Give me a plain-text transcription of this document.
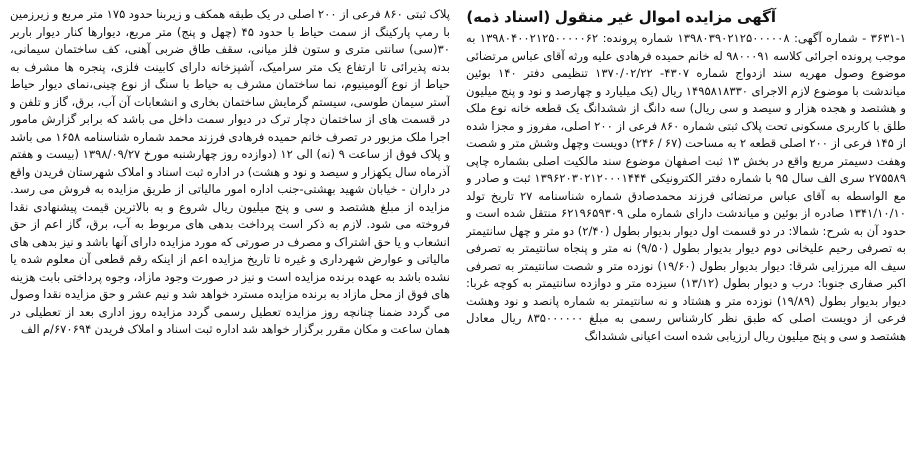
آگهی مزایده اموال غیر منقول (اسناد ذمه)

۳۶۳۱-۱ - شماره آگهی: ۱۳۹۸۰۳۹۰۲۱۲۵۰۰۰۰۰۸ شماره پرونده: ۱۳۹۸۰۴۰۰۲۱۲۵۰۰۰۰۰۶۲ به موجب پرونده اجرائی کلاسه ۹۸۰۰۰۹۱ له خانم حمیده فرهادی علیه ورثه آقای عباس مرتضائی موضوع وصول مهریه سند ازدواج شماره ۴۳۰۷- ۱۳۷۰/۰۲/۲۲ تنظیمی دفتر ۱۴۰ بوئین میاندشت با موضوع لازم الاجرای ۱۴۹۵۸۱۸۳۳۰ ریال (یک میلیارد و چهارصد و نود و پنج میلیون و هشتصد و هجده هزار و سیصد و سی ریال) سه دانگ از ششدانگ یک قطعه خانه نوع ملک طلق با کاربری مسکونی تحت پلاک ثبتی شماره ۸۶۰ فرعی از ۲۰۰ اصلی، مفروز و مجزا شده از ۱۴۵ فرعی از ۲۰۰ اصلی قطعه ۲ به مساحت (۶۷ / ۲۴۶) دویست وچهل وشش متر و شصت وهفت دسیمتر مربع واقع در بخش ۱۳ ثبت اصفهان موضوع سند مالکیت اصلی بشماره چاپی ۲۷۵۵۸۹ سری الف سال ۹۵ با شماره دفتر الکترونیکی ۱۳۹۶۲۰۳۰۲۱۲۰۰۰۱۴۴۴ ثبت و صادر و مع الواسطه به آقای عباس مرتضائی فرزند محمدصادق شماره شناسنامه ۲۷ تاریخ تولد ۱۳۴۱/۱۰/۱۰ صادره از بوئین و میاندشت دارای شماره ملی ۶۲۱۹۶۵۹۳۰۹ منتقل شده است و حدود آن به شرح: شمالا: در دو قسمت اول دیوار بدیوار بطول (۲/۴۰) دو متر و چهل سانتیمتر به تصرفی رحیم علیخانی دوم دیوار بدیوار بطول (۹/۵۰) نه متر و پنجاه سانتیمتر به تصرفی سیف اله میرزایی شرقا: دیوار بدیوار بطول (۱۹/۶۰) نوزده متر و شصت سانتیمتر به تصرفی اکبر صفاری جنوبا: درب و دیوار بطول (۱۳/۱۲) سیزده متر و دوازده سانتیمتر به کوچه غربا: دیوار بدیوار بطول (۱۹/۸۹) نوزده متر و هشتاد و نه سانتیمتر به شماره پانصد و نود وهشت فرعی از دویست اصلی که طبق نظر کارشناس رسمی به مبلغ ۸۳۵۰۰۰۰۰۰ ریال معادل هشتصد و سی و پنج میلیون ریال ارزیابی شده است اعیانی ششدانگ

پلاک ثبتی ۸۶۰ فرعی از ۲۰۰ اصلی در یک طبقه همکف و زیربنا حدود ۱۷۵ متر مربع و زیرزمین با رمپ پارکینگ از سمت حیاط با حدود ۴۵ (چهل و پنج) متر مربع، دیوارها کنار دیوار باربر ۳۰(سی) سانتی متری و ستون فلز میانی، سقف طاق ضربی آهنی، کف ساختمان سیمانی، بدنه پذیرائی تا ارتفاع یک متر سرامیک، آشپزخانه دارای کابینت فلزی، پنجره ها مشرف به حیاط از نوع آلومینیوم، نما ساختمان مشرف به حیاط با سنگ از نوع چینی،نمای دیوار حیاط آستر سیمان طوسی، سیستم گرمایش ساختمان بخاری و انشعابات آن آب، برق، گاز و تلفن و در قسمت های از ساختمان دچار ترک در دیوار سمت داخل می باشد که برابر گزارش مامور اجرا ملک مزبور در تصرف خانم حمیده فرهادی فرزند محمد شماره شناسنامه ۱۶۵۸ می باشد و پلاک فوق از ساعت ۹ (نه) الی ۱۲ (دوازده روز چهارشنبه مورخ ۱۳۹۸/۰۹/۲۷ (بیست و هفتم آذرماه سال یکهزار و سیصد و نود و هشت) در اداره ثبت اسناد و املاک شهرستان فریدن واقع در داران - خیابان شهید بهشتی-جنب اداره امور مالیاتی از طریق مزایده به فروش می رسد. مزایده از مبلغ هشتصد و سی و پنج میلیون ریال شروع و به بالاترین قیمت پیشنهادی نقدا فروخته می شود. لازم به ذکر است پرداخت بدهی های مربوط به آب، برق، گاز اعم از حق انشعاب و یا حق اشتراک و مصرف در صورتی که مورد مزایده دارای آنها باشد و نیز بدهی های مالیاتی و عوارض شهرداری و غیره تا تاریخ مزایده اعم از اینکه رقم قطعی آن معلوم شده یا نشده باشد به عهده برنده مزایده است و نیز در صورت وجود مازاد، وجوه پرداختی بابت هزینه های فوق از محل مازاد به برنده مزایده مسترد خواهد شد و نیم عشر و حق مزایده نقدا وصول می گردد ضمنا چنانچه روز مزایده تعطیل رسمی گردد مزایده روز اداری بعد از تعطیلی در همان ساعت و مکان مقرر برگزار خواهد شد اداره ثبت اسناد و املاک فریدن ۶۷۰۶۹۴/م الف
